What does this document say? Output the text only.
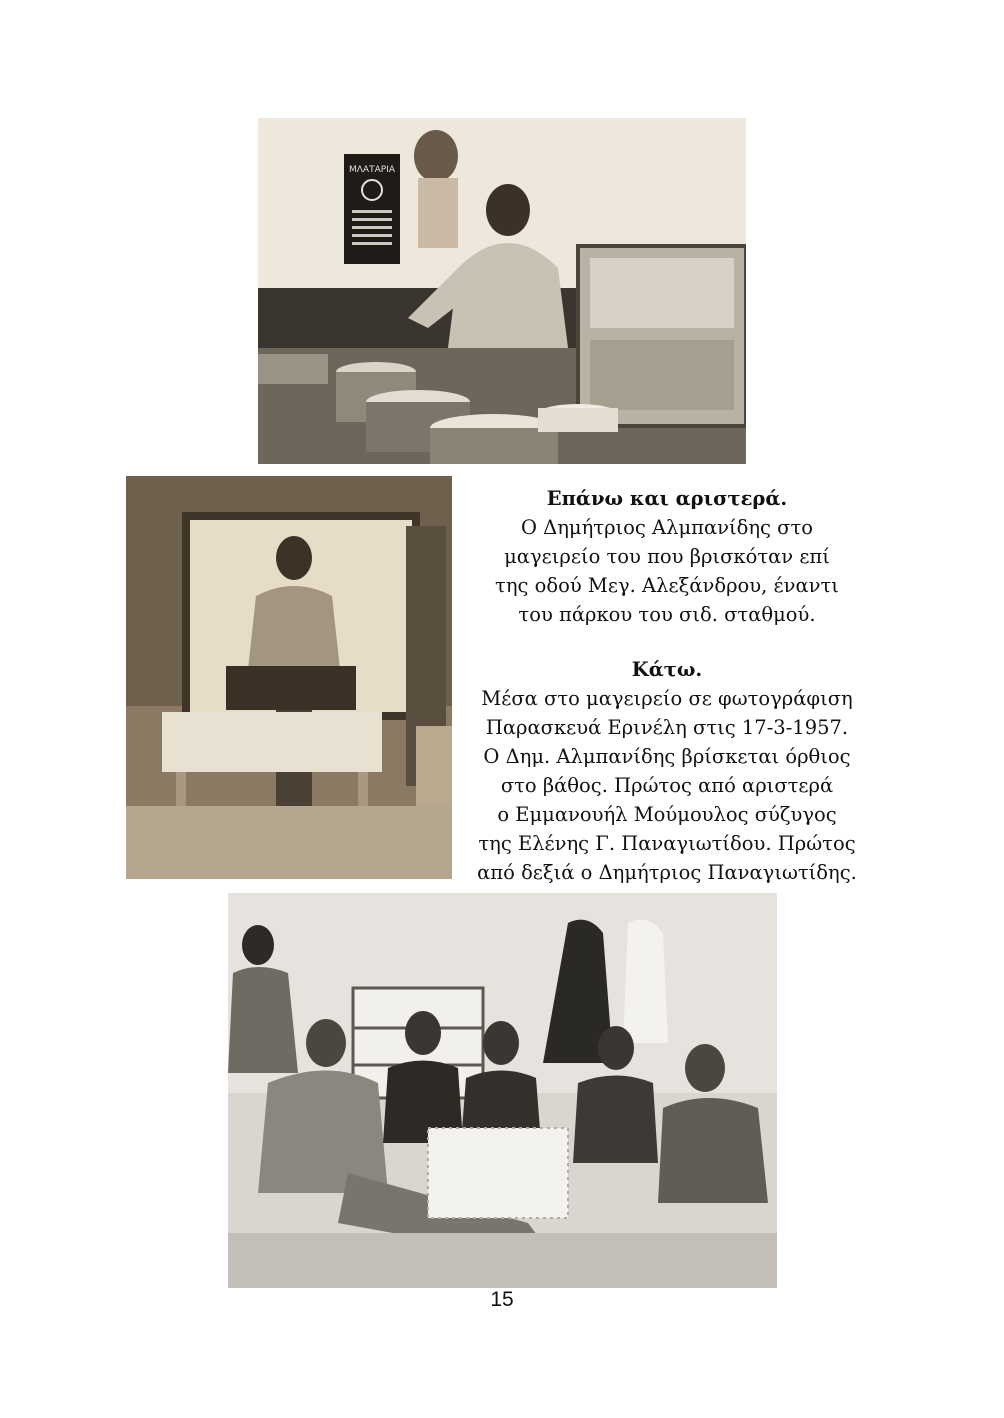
ΜΛΑΤΑΡΙΑ
Επάνω και αριστερά.
Ο Δημήτριος Αλμπανίδης στο
μαγειρείο του που βρισκόταν επί
της οδού Μεγ. Αλεξάνδρου, έναντι
του πάρκου του σιδ. σταθμού.
Κάτω.
Μέσα στο μαγειρείο σε φωτογράφιση
Παρασκευά Ερινέλη στις 17-3-1957.
Ο Δημ. Αλμπανίδης βρίσκεται όρθιος
στο βάθος. Πρώτος από αριστερά
ο Εμμανουήλ Μούμουλος σύζυγος
της Ελένης Γ. Παναγιωτίδου. Πρώτος
από δεξιά ο Δημήτριος Παναγιωτίδης.
15
